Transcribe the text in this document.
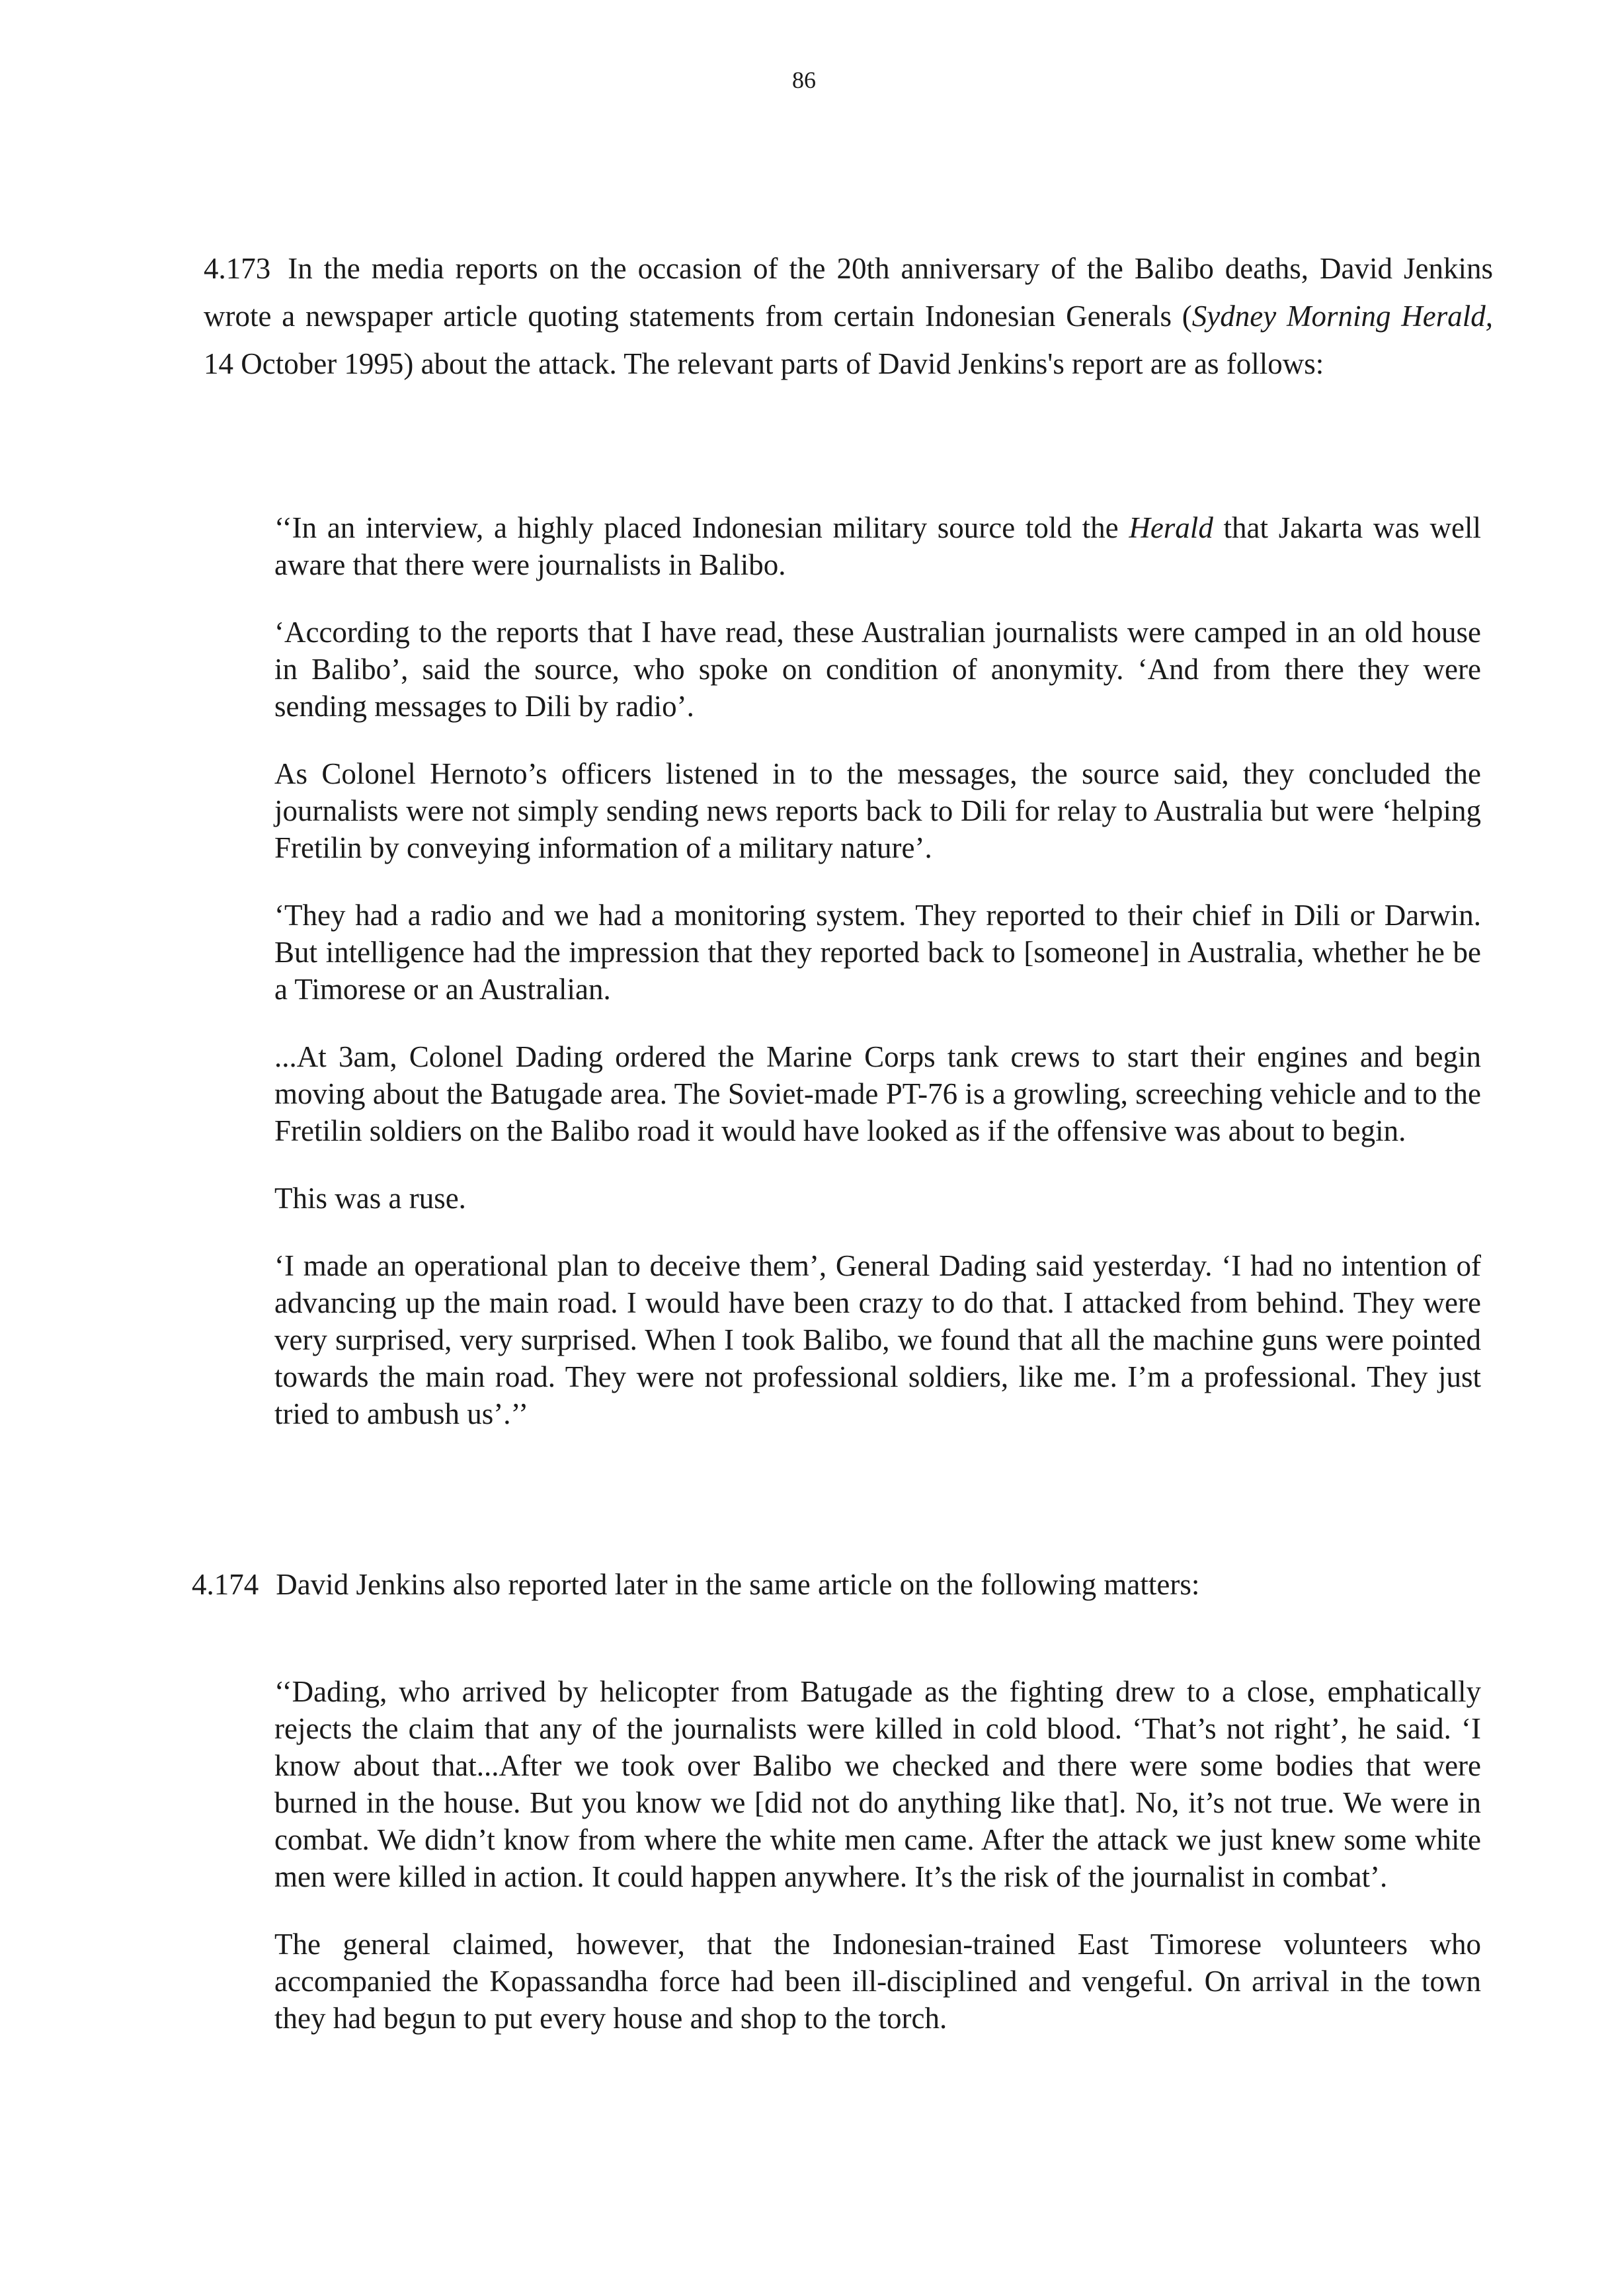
86
4.173 In the media reports on the occasion of the 20th anniversary of the Balibo deaths, David Jenkins wrote a newspaper article quoting statements from certain Indonesian Generals (Sydney Morning Herald, 14 October 1995) about the attack. The relevant parts of David Jenkins's report are as follows:

‘‘In an interview, a highly placed Indonesian military source told the Herald that Jakarta was well aware that there were journalists in Balibo.

‘According to the reports that I have read, these Australian journalists were camped in an old house in Balibo’, said the source, who spoke on condition of anonymity. ‘And from there they were sending messages to Dili by radio’.

As Colonel Hernoto’s officers listened in to the messages, the source said, they concluded the journalists were not simply sending news reports back to Dili for relay to Australia but were ‘helping Fretilin by conveying information of a military nature’.

‘They had a radio and we had a monitoring system. They reported to their chief in Dili or Darwin. But intelligence had the impression that they reported back to [someone] in Australia, whether he be a Timorese or an Australian.

...At 3am, Colonel Dading ordered the Marine Corps tank crews to start their engines and begin moving about the Batugade area. The Soviet-made PT-76 is a growling, screeching vehicle and to the Fretilin soldiers on the Balibo road it would have looked as if the offensive was about to begin.

This was a ruse.

‘I made an operational plan to deceive them’, General Dading said yesterday. ‘I had no intention of advancing up the main road. I would have been crazy to do that. I attacked from behind. They were very surprised, very surprised. When I took Balibo, we found that all the machine guns were pointed towards the main road. They were not professional soldiers, like me. I’m a professional. They just tried to ambush us’.’’

4.174 David Jenkins also reported later in the same article on the following matters:

‘‘Dading, who arrived by helicopter from Batugade as the fighting drew to a close, emphatically rejects the claim that any of the journalists were killed in cold blood. ‘That’s not right’, he said. ‘I know about that...After we took over Balibo we checked and there were some bodies that were burned in the house. But you know we [did not do anything like that]. No, it’s not true. We were in combat. We didn’t know from where the white men came. After the attack we just knew some white men were killed in action. It could happen anywhere. It’s the risk of the journalist in combat’.

The general claimed, however, that the Indonesian-trained East Timorese volunteers who accompanied the Kopassandha force had been ill-disciplined and vengeful. On arrival in the town they had begun to put every house and shop to the torch.
